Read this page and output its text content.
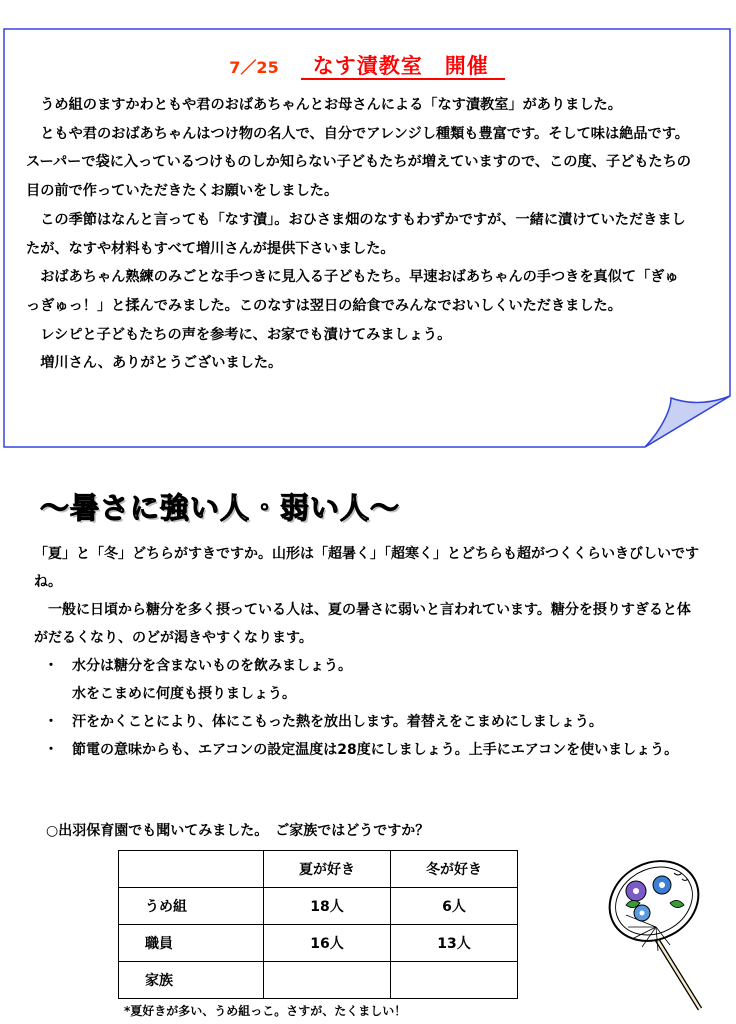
7／25 なす漬教室　開催

うめ組のますかわともや君のおばあちゃんとお母さんによる「なす漬教室」がありました。

ともや君のおばあちゃんはつけ物の名人で、自分でアレンジし種類も豊富です。そして味は絶品です。スーパーで袋に入っているつけものしか知らない子どもたちが増えていますので、この度、子どもたちの目の前で作っていただきたくお願いをしました。

この季節はなんと言っても「なす漬」。おひさま畑のなすもわずかですが、一緒に漬けていただきましたが、なすや材料もすべて増川さんが提供下さいました。

おばあちゃん熟練のみごとな手つきに見入る子どもたち。早速おばあちゃんの手つきを真似て「ぎゅっぎゅっ！」と揉んでみました。このなすは翌日の給食でみんなでおいしくいただきました。

レシピと子どもたちの声を参考に、お家でも漬けてみましょう。

増川さん、ありがとうございました。

～暑さに強い人・弱い人～

「夏」と「冬」どちらがすきですか。山形は「超暑く」「超寒く」とどちらも超がつくくらいきびしいですね。

一般に日頃から糖分を多く摂っている人は、夏の暑さに弱いと言われています。糖分を摂りすぎると体がだるくなり、のどが渇きやすくなります。

・ 水分は糖分を含まないものを飲みましょう。
水をこまめに何度も摂りましょう。
・ 汗をかくことにより、体にこもった熱を放出します。着替えをこまめにしましょう。
・ 節電の意味からも、エアコンの設定温度は28度にしましょう。上手にエアコンを使いましょう。
○出羽保育園でも聞いてみました。　ご家族ではどうですか？
	夏が好き	冬が好き
うめ組	18人	6人
職員	16人	13人
家族		
*夏好きが多い、うめ組っこ。さすが、たくましい！
